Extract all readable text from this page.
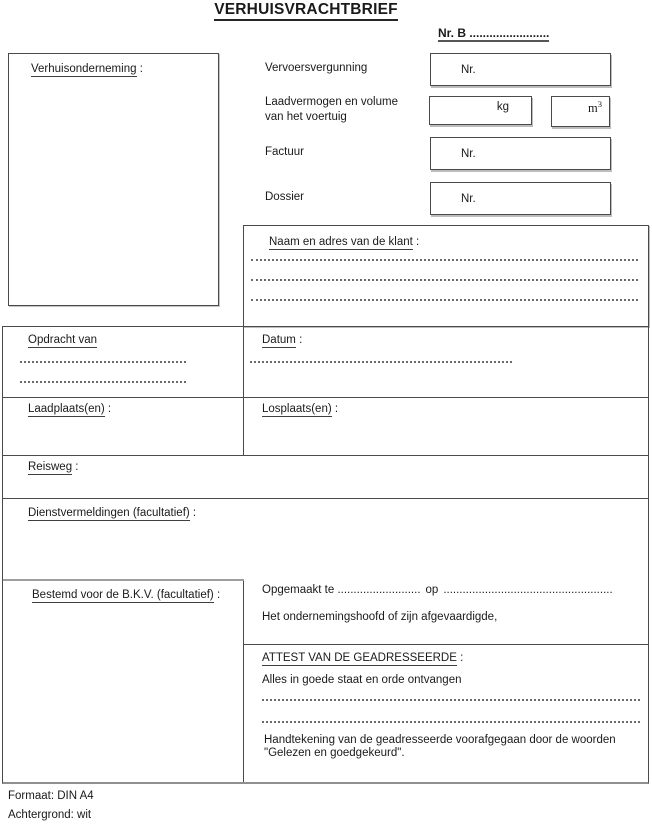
VERHUISVRACHTBRIEF
Nr. B ........................
Verhuisonderneming :	Vervoersvergunning	Nr.
Laadvermogen en volume
van het voertuig
kg	$m^3$
Factuur	Nr.
Dossier	Nr.
Naam en adres van de klant :
Opdracht van	Datum :
Laadplaats(en) :	Losplaats(en) :
Reisweg :
Dienstvermeldingen (facultatief) :
Bestemd voor de B.K.V. (facultatief) :	Opgemaakt te .......................... op .....................................................
Het ondernemingshoofd of zijn afgevaardigde,
ATTEST VAN DE GEADRESSEERDE :
Alles in goede staat en orde ontvangen
Handtekening van de geadresseerde voorafgegaan door de woorden
"Gelezen en goedgekeurd".
Formaat: DIN A4
Achtergrond: wit
